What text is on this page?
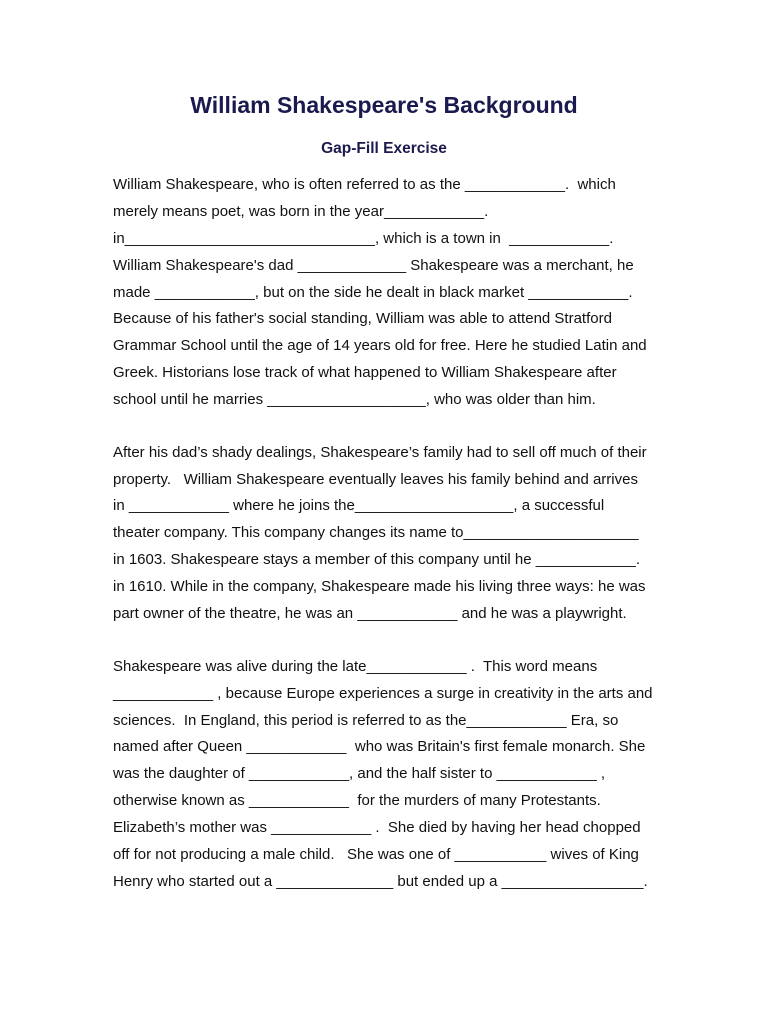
William Shakespeare's Background
Gap-Fill Exercise

William Shakespeare, who is often referred to as the ____________.  which

merely means poet, was born in the year____________.

in______________________________, which is a town in  ____________.

William Shakespeare's dad _____________ Shakespeare was a merchant, he

made ____________, but on the side he dealt in black market ____________.

Because of his father's social standing, William was able to attend Stratford

Grammar School until the age of 14 years old for free. Here he studied Latin and

Greek. Historians lose track of what happened to William Shakespeare after

school until he marries ___________________, who was older than him.

After his dad’s shady dealings, Shakespeare’s family had to sell off much of their

property.   William Shakespeare eventually leaves his family behind and arrives

in ____________ where he joins the___________________, a successful

theater company. This company changes its name to_____________________

in 1603. Shakespeare stays a member of this company until he ____________.

in 1610. While in the company, Shakespeare made his living three ways: he was

part owner of the theatre, he was an ____________ and he was a playwright.

Shakespeare was alive during the late____________ .  This word means

____________ , because Europe experiences a surge in creativity in the arts and

sciences.  In England, this period is referred to as the____________ Era, so

named after Queen ____________  who was Britain's first female monarch. She

was the daughter of ____________, and the half sister to ____________ ,

otherwise known as ____________  for the murders of many Protestants.

Elizabeth’s mother was ____________ .  She died by having her head chopped

off for not producing a male child.   She was one of ___________ wives of King

Henry who started out a ______________ but ended up a _________________.
